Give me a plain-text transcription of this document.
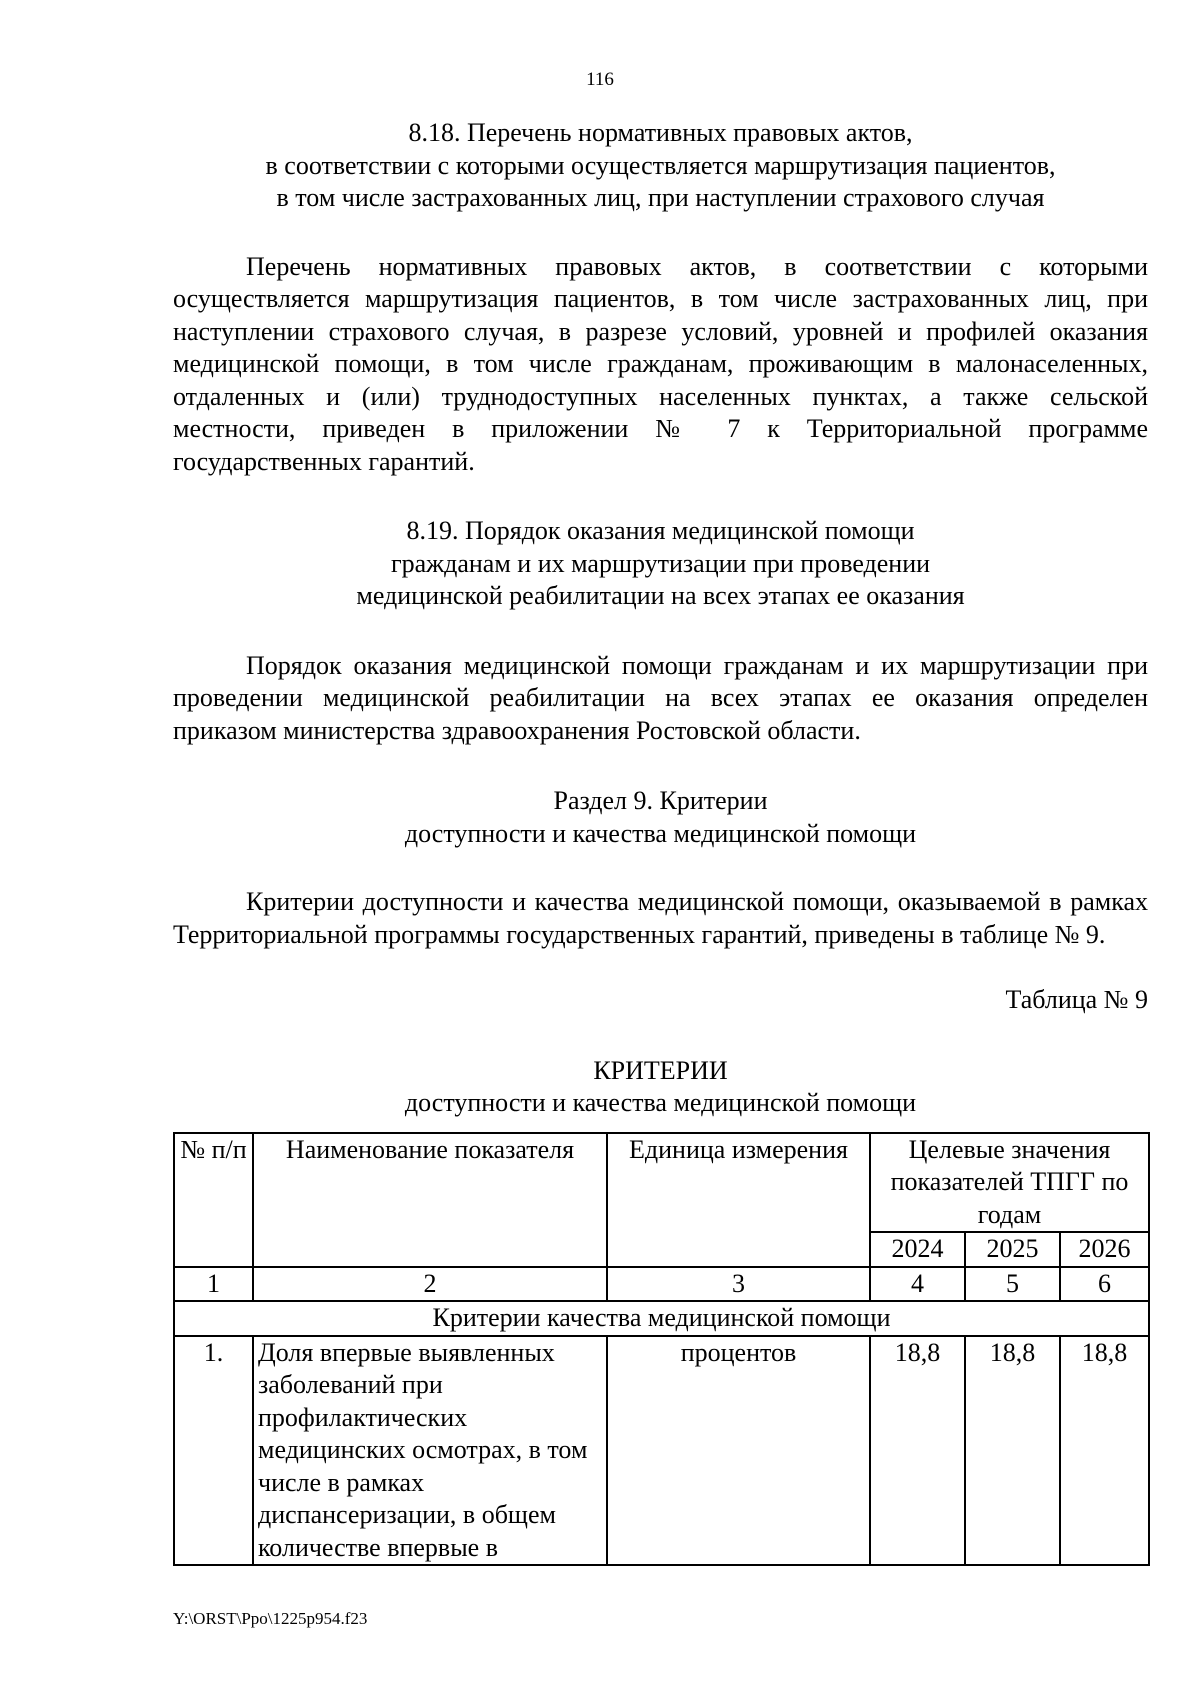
116
8.18. Перечень нормативных правовых актов,
в соответствии с которыми осуществляется маршрутизация пациентов,
в том числе застрахованных лиц, при наступлении страхового случая

Перечень нормативных правовых актов, в соответствии с которыми осуществляется маршрутизация пациентов, в том числе застрахованных лиц, при наступлении страхового случая, в разрезе условий, уровней и профилей оказания медицинской помощи, в том числе гражданам, проживающим в малонаселенных, отдаленных и (или) труднодоступных населенных пунктах, а также сельской местности, приведен в приложении № 7 к Территориальной программе государственных гарантий.

8.19. Порядок оказания медицинской помощи
гражданам и их маршрутизации при проведении
медицинской реабилитации на всех этапах ее оказания

Порядок оказания медицинской помощи гражданам и их маршрутизации при проведении медицинской реабилитации на всех этапах ее оказания определен приказом министерства здравоохранения Ростовской области.

Раздел 9. Критерии
доступности и качества медицинской помощи

Критерии доступности и качества медицинской помощи, оказываемой в рамках Территориальной программы государственных гарантий, приведены в таблице № 9.

Таблица № 9

КРИТЕРИИ
доступности и качества медицинской помощи
№ п/п	Наименование показателя	Единица измерения	Целевые значения показателей ТПГГ по годам		
			2024	2025	2026
1	2	3	4	5	6
Критерии качества медицинской помощи					
1.	Доля впервые выявленных заболеваний при профилактических медицинских осмотрах, в том числе в рамках диспансеризации, в общем количестве впервые в	процентов	18,8	18,8	18,8
Y:\ORST\Ppo\1225p954.f23
